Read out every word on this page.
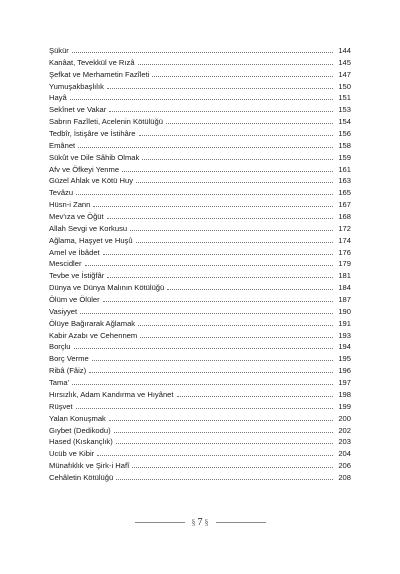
Şükür	144
Kanâat, Tevekkül ve Rızâ	145
Şefkat ve Merhametin Fazîleti	147
Yumuşakbaşlılık	150
Hayâ	151
Sekînet ve Vakar	153
Sabrın Fazîleti, Acelenin Kötülüğü	154
Tedbîr, İstişâre ve İstihâre	156
Emânet	158
Sükût ve Dile Sâhib Olmak	159
Afv ve Öfkeyi Yenme	161
Güzel Ahlak ve Kötü Huy	163
Tevâzu	165
Hüsn-i Zann	167
Mev'ıza ve Öğüt	168
Allah Sevgi ve Korkusu	172
Ağlama, Haşyet ve Huşû	174
Amel ve İbâdet	176
Mescidler	179
Tevbe ve İstiğfâr	181
Dünya ve Dünya Malının Kötülüğü	184
Ölüm ve Ölüler	187
Vasiyyet	190
Ölüye Bağırarak Ağlamak	191
Kabir Azabı ve Cehennem	193
Borçlu	194
Borç Verme	195
Ribâ (Fâiz)	196
Tama'	197
Hırsızlık, Adam Kandırma ve Hıyânet	198
Rüşvet	199
Yalan Konuşmak	200
Gıybet (Dedikodu)	202
Hased (Kıskançlık)	203
Ucüb ve Kibir	204
Münafıklık ve Şirk-i Hafî	206
Cehâletin Kötülüğü	208
§ 7 §
